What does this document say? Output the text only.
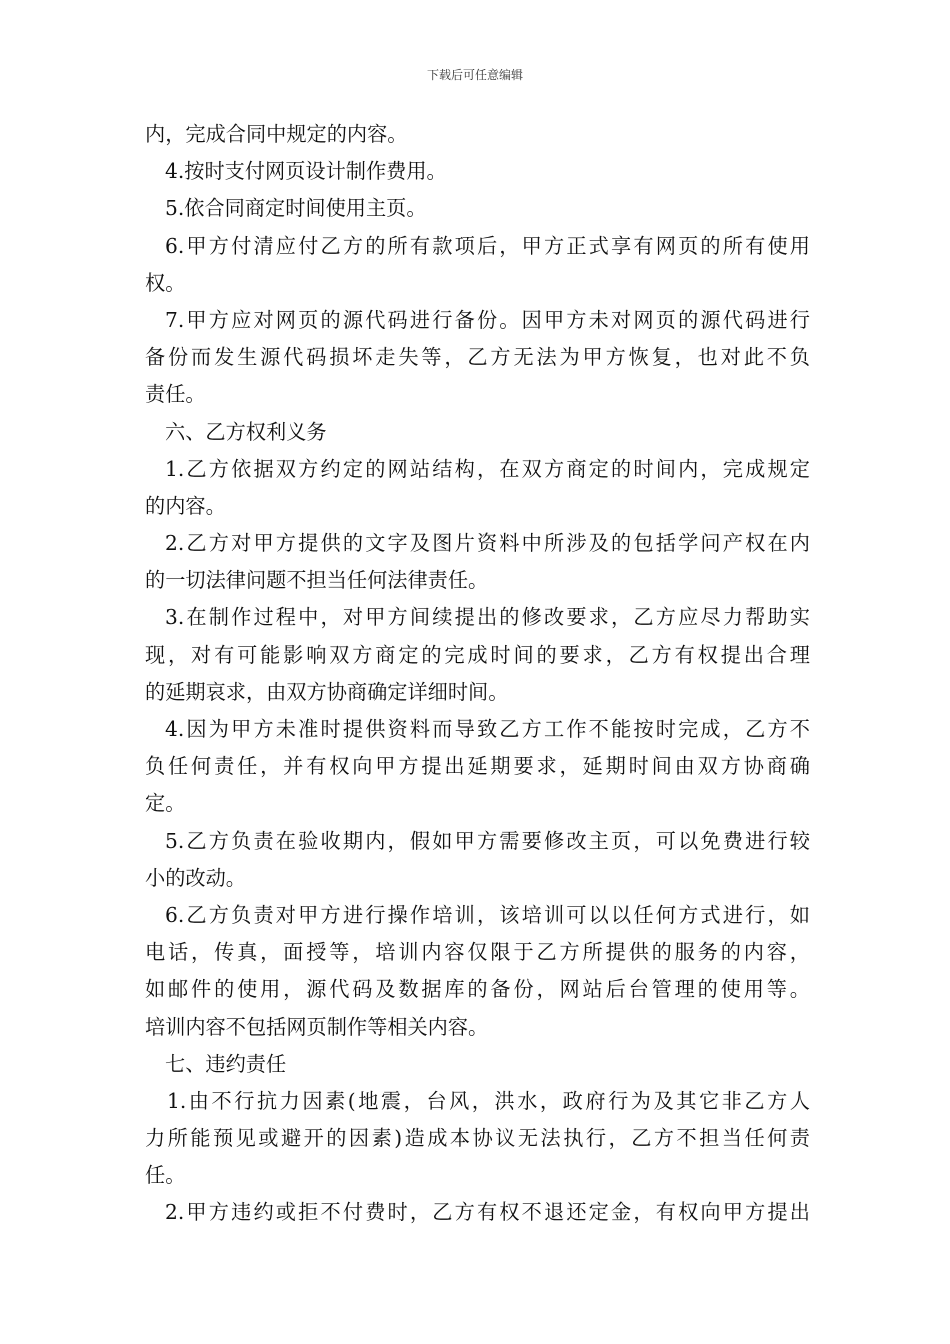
下载后可任意编辑
内，完成合同中规定的内容。
4.按时支付网页设计制作费用。
5.依合同商定时间使用主页。
6.甲方付清应付乙方的所有款项后，甲方正式享有网页的所有使用
权。
7.甲方应对网页的源代码进行备份。因甲方未对网页的源代码进行
备份而发生源代码损坏走失等，乙方无法为甲方恢复，也对此不负
责任。
六、乙方权利义务
1.乙方依据双方约定的网站结构，在双方商定的时间内，完成规定
的内容。
2.乙方对甲方提供的文字及图片资料中所涉及的包括学问产权在内
的一切法律问题不担当任何法律责任。
3.在制作过程中，对甲方间续提出的修改要求，乙方应尽力帮助实
现，对有可能影响双方商定的完成时间的要求，乙方有权提出合理
的延期哀求，由双方协商确定详细时间。
4.因为甲方未准时提供资料而导致乙方工作不能按时完成，乙方不
负任何责任，并有权向甲方提出延期要求，延期时间由双方协商确
定。
5.乙方负责在验收期内，假如甲方需要修改主页，可以免费进行较
小的改动。
6.乙方负责对甲方进行操作培训，该培训可以以任何方式进行，如
电话，传真，面授等，培训内容仅限于乙方所提供的服务的内容，
如邮件的使用，源代码及数据库的备份，网站后台管理的使用等。
培训内容不包括网页制作等相关内容。
七、违约责任
1.由不行抗力因素(地震，台风，洪水，政府行为及其它非乙方人
力所能预见或避开的因素)造成本协议无法执行，乙方不担当任何责
任。
2.甲方违约或拒不付费时，乙方有权不退还定金，有权向甲方提出
